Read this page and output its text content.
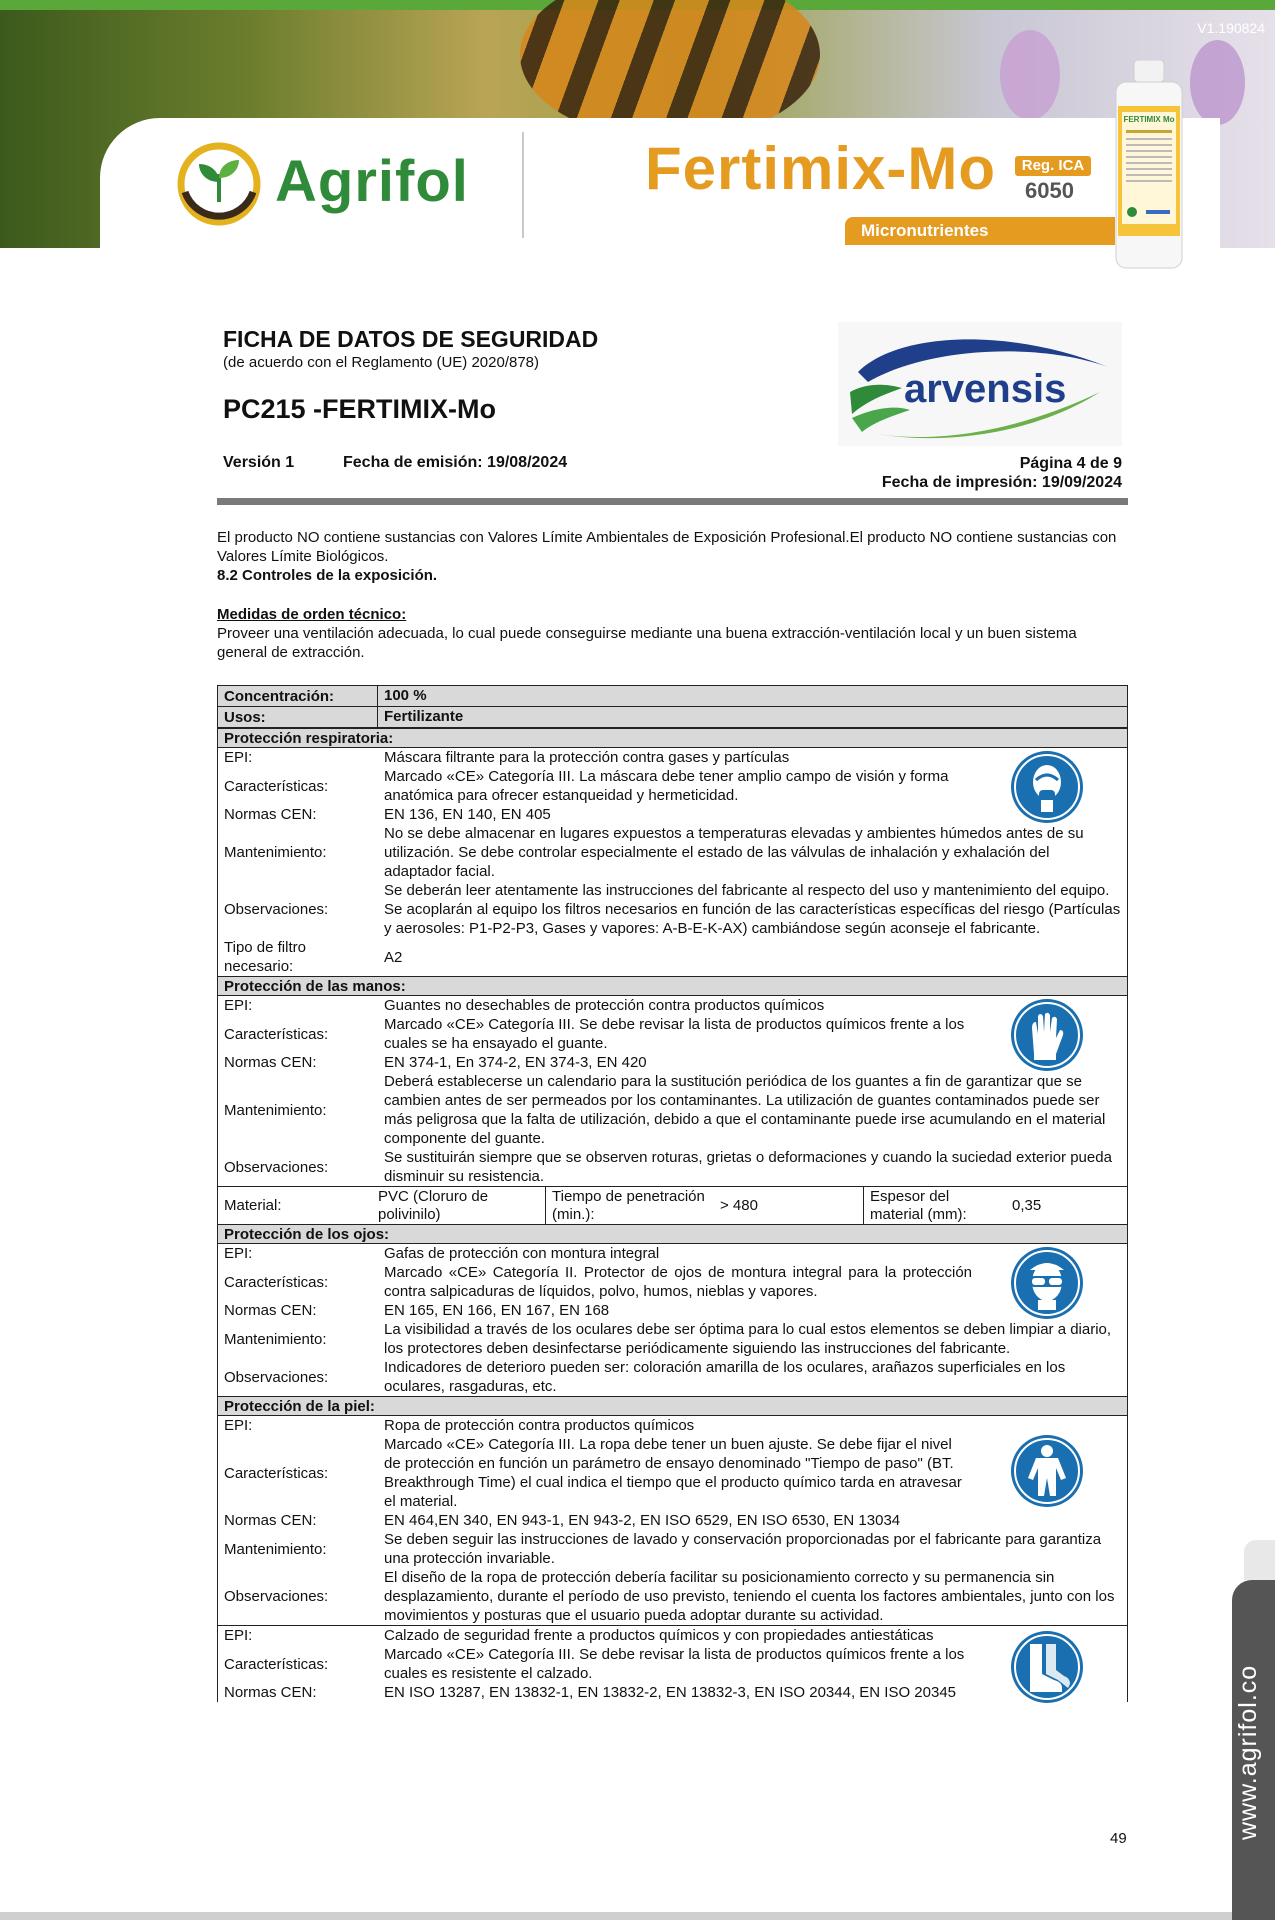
V1.190824
Agrifol	Fertimix-Mo	Reg. ICA
6050
Micronutrientes
FERTIMIX Mo
FICHA DE DATOS DE SEGURIDAD
(de acuerdo con el Reglamento (UE) 2020/878)
PC215 -FERTIMIX-Mo	arvensis
Versión 1	Fecha de emisión: 19/08/2024	Página 4 de 9
Fecha de impresión: 19/09/2024
El producto NO contiene sustancias con Valores Límite Ambientales de Exposición Profesional.El producto NO contiene sustancias con Valores Límite Biológicos.
8.2 Controles de la exposición.
Medidas de orden técnico:
Proveer una ventilación adecuada, lo cual puede conseguirse mediante una buena extracción-ventilación local y un buen sistema general de extracción.
Concentración:	100 %
Usos:	Fertilizante
Protección respiratoria:
EPI:	Máscara filtrante para la protección contra gases y partículas
Características:
Marcado «CE» Categoría III. La máscara debe tener amplio campo de visión y forma anatómica para ofrecer estanqueidad y hermeticidad.
Normas CEN:	EN 136, EN 140, EN 405
Mantenimiento:
No se debe almacenar en lugares expuestos a temperaturas elevadas y ambientes húmedos antes de su utilización. Se debe controlar especialmente el estado de las válvulas de inhalación y exhalación del adaptador facial.
Observaciones:
Se deberán leer atentamente las instrucciones del fabricante al respecto del uso y mantenimiento del equipo. Se acoplarán al equipo los filtros necesarios en función de las características específicas del riesgo (Partículas y aerosoles: P1-P2-P3, Gases y vapores: A-B-E-K-AX) cambiándose según aconseje el fabricante.
Tipo de filtro necesario:
A2
Protección de las manos:
EPI:	Guantes no desechables de protección contra productos químicos
Características:
Marcado «CE» Categoría III. Se debe revisar la lista de productos químicos frente a los cuales se ha ensayado el guante.
Normas CEN:	EN 374-1, En 374-2, EN 374-3, EN 420
Mantenimiento:
Deberá establecerse un calendario para la sustitución periódica de los guantes a fin de garantizar que se cambien antes de ser permeados por los contaminantes. La utilización de guantes contaminados puede ser más peligrosa que la falta de utilización, debido a que el contaminante puede irse acumulando en el material componente del guante.
Observaciones:
Se sustituirán siempre que se observen roturas, grietas o deformaciones y cuando la suciedad exterior pueda disminuir su resistencia.
Material:
PVC (Cloruro de polivinilo)
Tiempo de penetración (min.):
> 480
Espesor del material (mm):
0,35
Protección de los ojos:
EPI:	Gafas de protección con montura integral
Características:
Marcado «CE» Categoría II. Protector de ojos de montura integral para la protección contra salpicaduras de líquidos, polvo, humos, nieblas y vapores.
Normas CEN:	EN 165, EN 166, EN 167, EN 168
Mantenimiento:
La visibilidad a través de los oculares debe ser óptima para lo cual estos elementos se deben limpiar a diario, los protectores deben desinfectarse periódicamente siguiendo las instrucciones del fabricante.
Observaciones:
Indicadores de deterioro pueden ser: coloración amarilla de los oculares, arañazos superficiales en los oculares, rasgaduras, etc.
Protección de la piel:
EPI:	Ropa de protección contra productos químicos
Características:
Marcado «CE» Categoría III. La ropa debe tener un buen ajuste. Se debe fijar el nivel de protección en función un parámetro de ensayo denominado "Tiempo de paso" (BT. Breakthrough Time) el cual indica el tiempo que el producto químico tarda en atravesar el material.
Normas CEN:	EN 464,EN 340, EN 943-1, EN 943-2, EN ISO 6529, EN ISO 6530, EN 13034
Mantenimiento:
Se deben seguir las instrucciones de lavado y conservación proporcionadas por el fabricante para garantiza una protección invariable.
Observaciones:
El diseño de la ropa de protección debería facilitar su posicionamiento correcto y su permanencia sin desplazamiento, durante el período de uso previsto, teniendo el cuenta los factores ambientales, junto con los movimientos y posturas que el usuario pueda adoptar durante su actividad.
EPI:	Calzado de seguridad frente a productos químicos y con propiedades antiestáticas
Características:
Marcado «CE» Categoría III. Se debe revisar la lista de productos químicos frente a los cuales es resistente el calzado.
Normas CEN:	EN ISO 13287, EN 13832-1, EN 13832-2, EN 13832-3, EN ISO 20344, EN ISO 20345
49	www.agrifol.co
